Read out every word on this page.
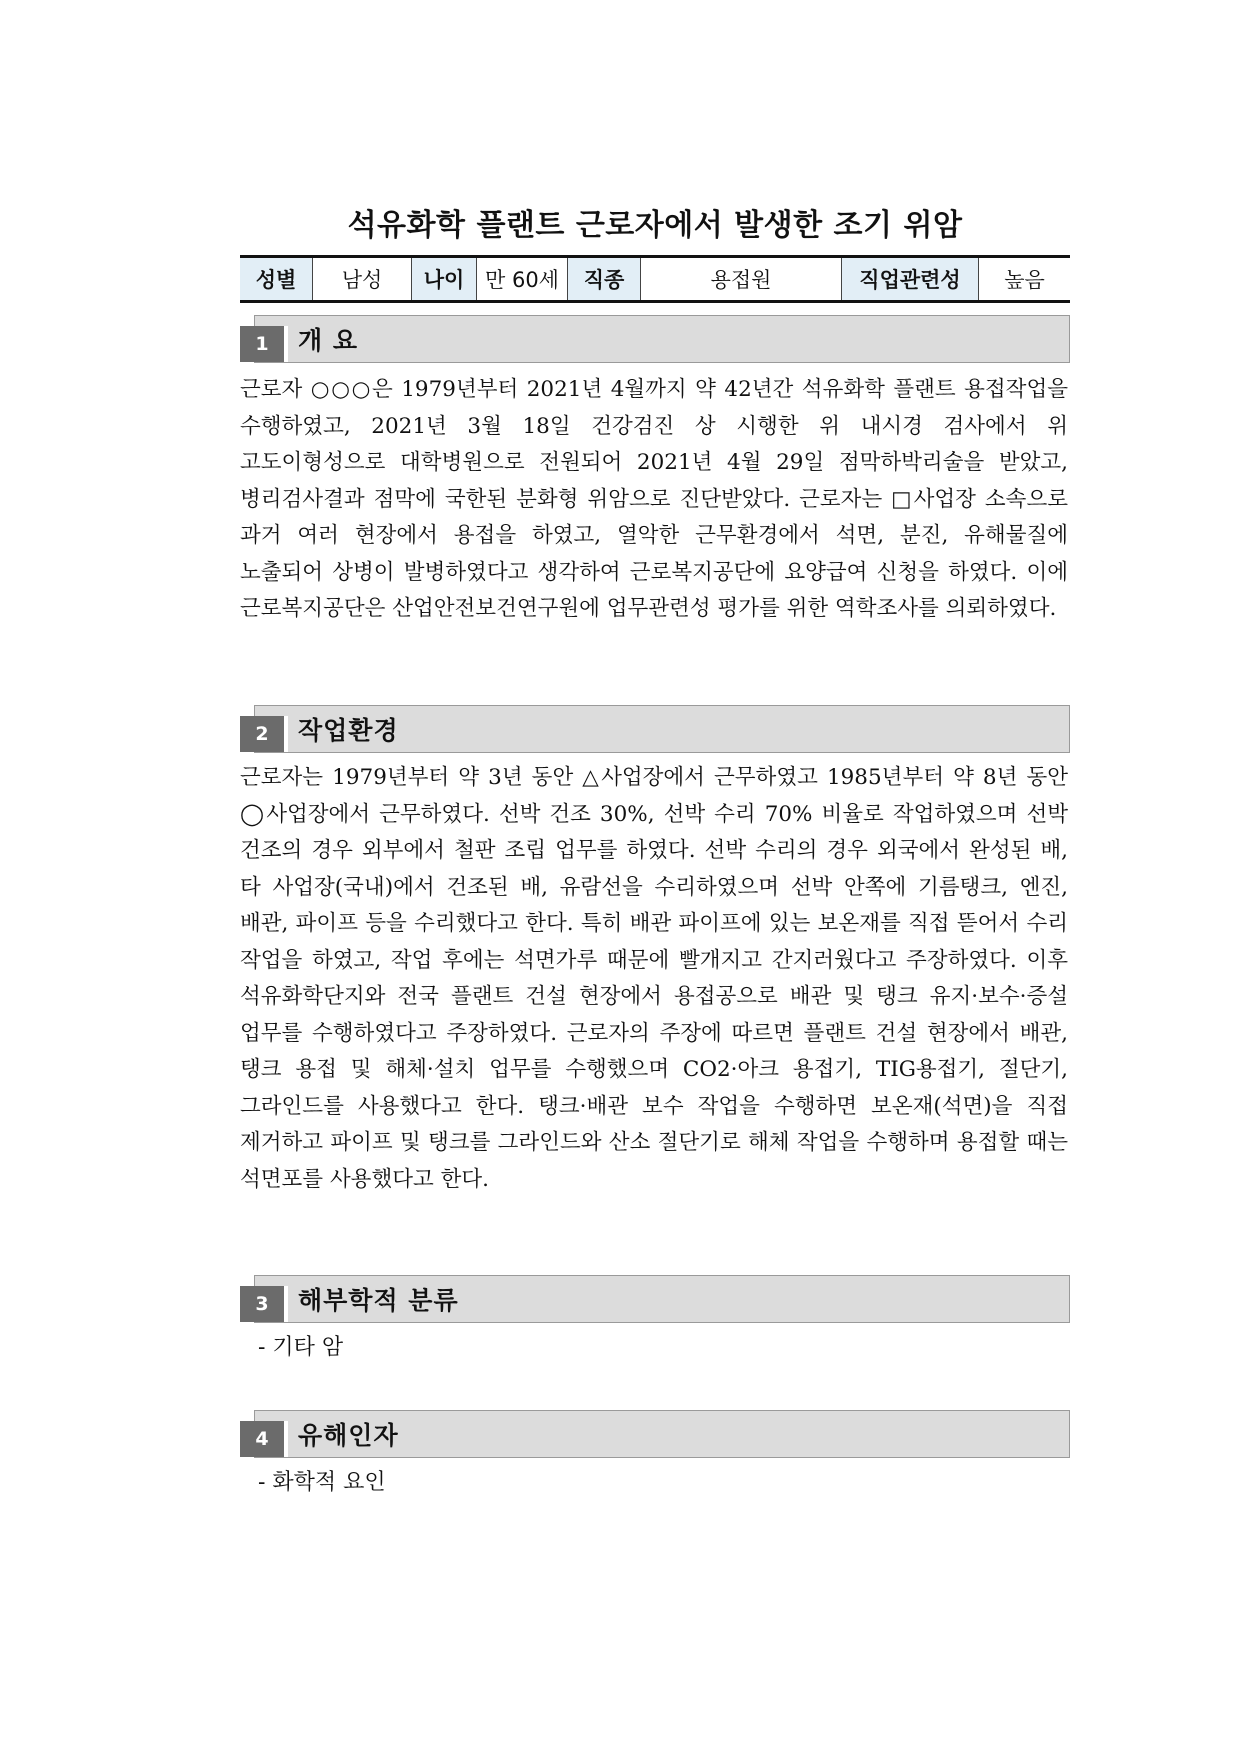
석유화학 플랜트 근로자에서 발생한 조기 위암
성별	남성	나이	만 60세	직종	용접원	직업관련성	높음
1	개 요

근로자 ○○○은 1979년부터 2021년 4월까지 약 42년간 석유화학 플랜트 용접작업을 수행하였고, 2021년 3월 18일 건강검진 상 시행한 위 내시경 검사에서 위 고도이형성으로 대학병원으로 전원되어 2021년 4월 29일 점막하박리술을 받았고, 병리검사결과 점막에 국한된 분화형 위암으로 진단받았다. 근로자는 □사업장 소속으로 과거 여러 현장에서 용접을 하였고, 열악한 근무환경에서 석면, 분진, 유해물질에 노출되어 상병이 발병하였다고 생각하여 근로복지공단에 요양급여 신청을 하였다. 이에 근로복지공단은 산업안전보건연구원에 업무관련성 평가를 위한 역학조사를 의뢰하였다.

2	작업환경

근로자는 1979년부터 약 3년 동안 △사업장에서 근무하였고 1985년부터 약 8년 동안 ◯사업장에서 근무하였다. 선박 건조 30%, 선박 수리 70% 비율로 작업하였으며 선박 건조의 경우 외부에서 철판 조립 업무를 하였다. 선박 수리의 경우 외국에서 완성된 배, 타 사업장(국내)에서 건조된 배, 유람선을 수리하였으며 선박 안쪽에 기름탱크, 엔진, 배관, 파이프 등을 수리했다고 한다. 특히 배관 파이프에 있는 보온재를 직접 뜯어서 수리 작업을 하였고, 작업 후에는 석면가루 때문에 빨개지고 간지러웠다고 주장하였다. 이후 석유화학단지와 전국 플랜트 건설 현장에서 용접공으로 배관 및 탱크 유지·보수·증설 업무를 수행하였다고 주장하였다. 근로자의 주장에 따르면 플랜트 건설 현장에서 배관, 탱크 용접 및 해체·설치 업무를 수행했으며 CO2·아크 용접기, TIG용접기, 절단기, 그라인드를 사용했다고 한다. 탱크·배관 보수 작업을 수행하면 보온재(석면)을 직접 제거하고 파이프 및 탱크를 그라인드와 산소 절단기로 해체 작업을 수행하며 용접할 때는 석면포를 사용했다고 한다.

3	해부학적 분류
- 기타 암
4	유해인자
- 화학적 요인
